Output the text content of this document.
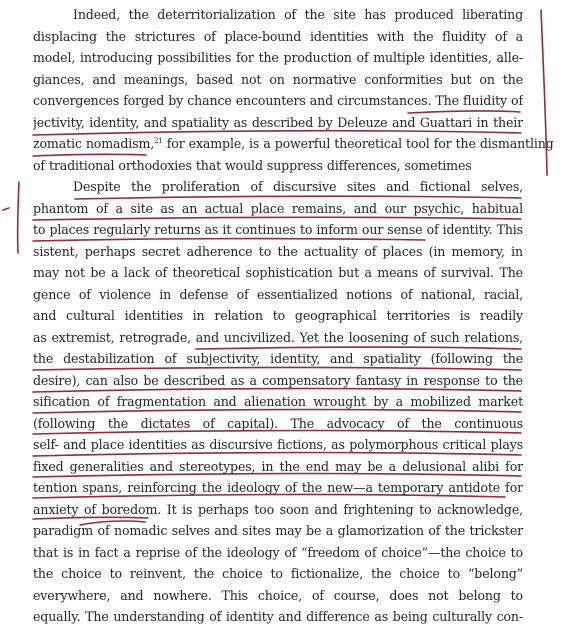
Indeed, the deterritorialization of the site has produced liberating
displacing the strictures of place-bound identities with the fluidity of a
model, introducing possibilities for the production of multiple identities, alle-
giances, and meanings, based not on normative conformities but on the
convergences forged by chance encounters and circumstances. The fluidity of
jectivity, identity, and spatiality as described by Deleuze and Guattari in their
zomatic nomadism,$^{21}$ for example, is a powerful theoretical tool for the dismantling
of traditional orthodoxies that would suppress differences, sometimes
Despite the proliferation of discursive sites and fictional selves,
phantom of a site as an actual place remains, and our psychic, habitual
to places regularly returns as it continues to inform our sense of identity. This
sistent, perhaps secret adherence to the actuality of places (in memory, in
may not be a lack of theoretical sophistication but a means of survival. The
gence of violence in defense of essentialized notions of national, racial,
and cultural identities in relation to geographical territories is readily
as extremist, retrograde, and uncivilized. Yet the loosening of such relations,
the destabilization of subjectivity, identity, and spatiality (following the
desire), can also be described as a compensatory fantasy in response to the
sification of fragmentation and alienation wrought by a mobilized market
(following the dictates of capital). The advocacy of the continuous
self- and place identities as discursive fictions, as polymorphous critical plays
fixed generalities and stereotypes, in the end may be a delusional alibi for
tention spans, reinforcing the ideology of the new—a temporary antidote for
anxiety of boredom. It is perhaps too soon and frightening to acknowledge,
paradigm of nomadic selves and sites may be a glamorization of the trickster
that is in fact a reprise of the ideology of “freedom of choice”—the choice to
the choice to reinvent, the choice to fictionalize, the choice to “belong”
everywhere, and nowhere. This choice, of course, does not belong to
equally. The understanding of identity and difference as being culturally con-
